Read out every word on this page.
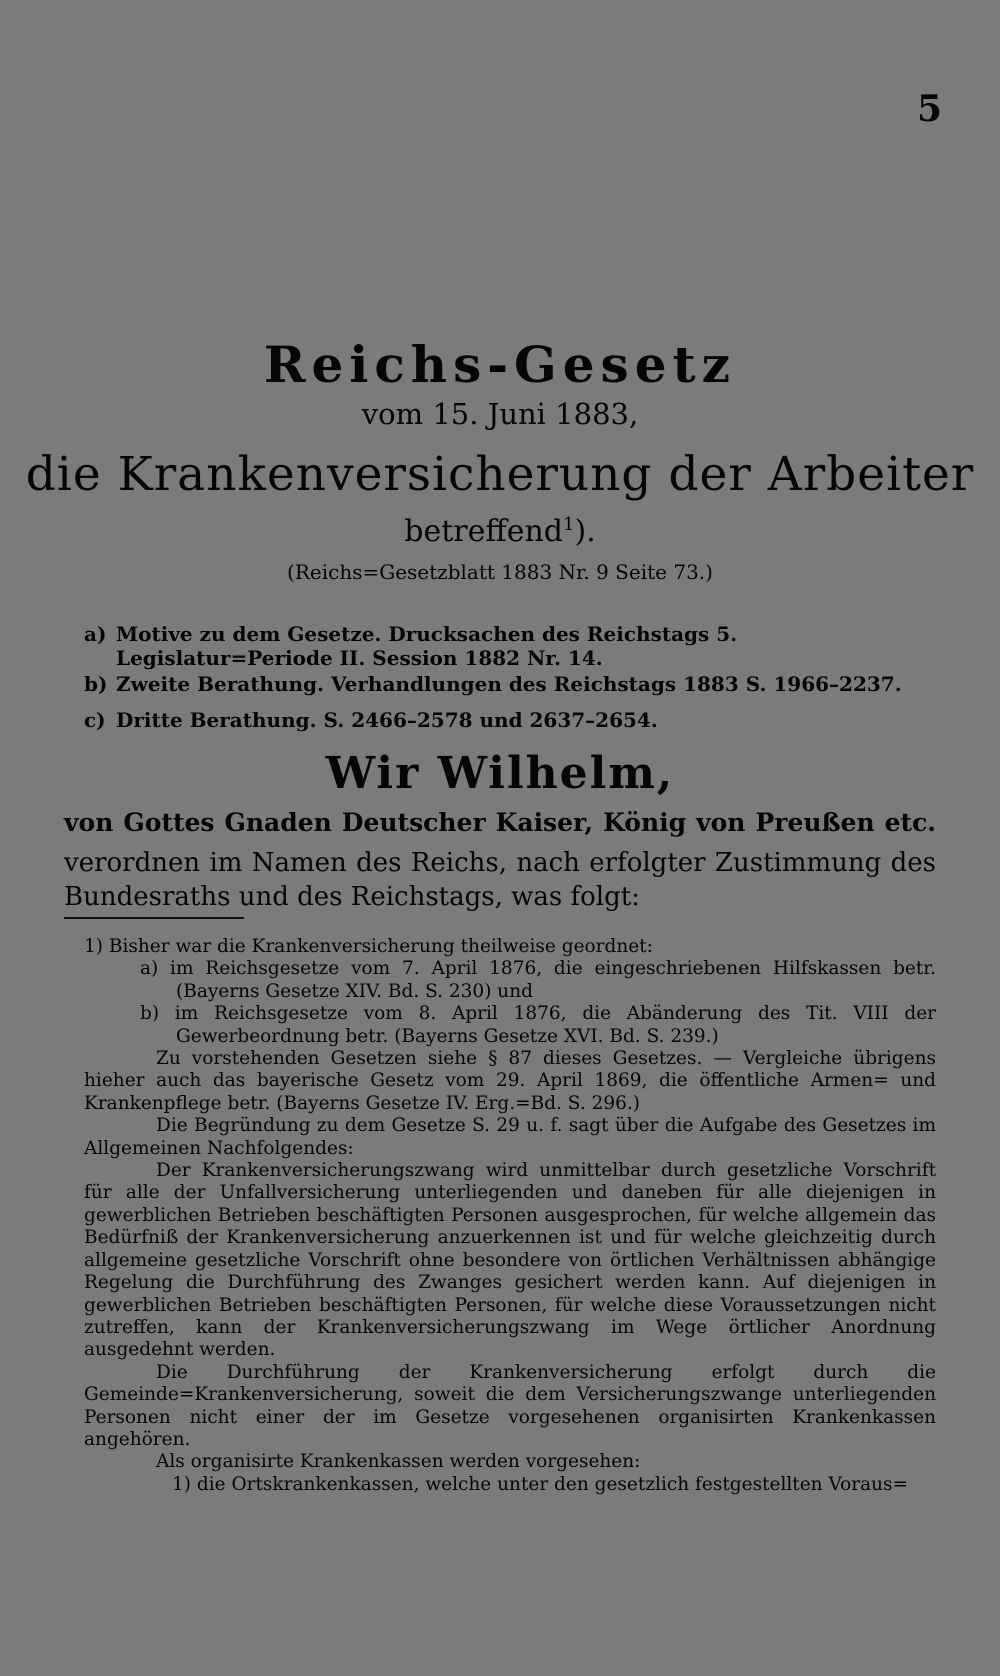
5
Reichs-Gesetz
vom 15. Juni 1883,
die Krankenversicherung der Arbeiter
betreffend$^1$).
(Reichs=Gesetzblatt 1883 Nr. 9 Seite 73.)

a) Motive zu dem Gesetze. Drucksachen des Reichstags 5. Legislatur=Periode II. Session 1882 Nr. 14.

b) Zweite Berathung. Verhandlungen des Reichstags 1883 S. 1966–2237.

c) Dritte Berathung. S. 2466–2578 und 2637–2654.

Wir Wilhelm,
von Gottes Gnaden Deutscher Kaiser, König von Preußen etc.
verordnen im Namen des Reichs, nach erfolgter Zustimmung des Bundesraths und des Reichstags, was folgt:

1) Bisher war die Krankenversicherung theilweise geordnet:

a) im Reichsgesetze vom 7. April 1876, die eingeschriebenen Hilfskassen betr. (Bayerns Gesetze XIV. Bd. S. 230) und

b) im Reichsgesetze vom 8. April 1876, die Abänderung des Tit. VIII der Gewerbeordnung betr. (Bayerns Gesetze XVI. Bd. S. 239.)

Zu vorstehenden Gesetzen siehe § 87 dieses Gesetzes. — Vergleiche übrigens hieher auch das bayerische Gesetz vom 29. April 1869, die öffentliche Armen= und Krankenpflege betr. (Bayerns Gesetze IV. Erg.=Bd. S. 296.)

Die Begründung zu dem Gesetze S. 29 u. f. sagt über die Aufgabe des Gesetzes im Allgemeinen Nachfolgendes:

Der Krankenversicherungszwang wird unmittelbar durch gesetzliche Vorschrift für alle der Unfallversicherung unterliegenden und daneben für alle diejenigen in gewerblichen Betrieben beschäftigten Personen ausgesprochen, für welche allgemein das Bedürfniß der Krankenversicherung anzuerkennen ist und für welche gleichzeitig durch allgemeine gesetzliche Vorschrift ohne besondere von örtlichen Verhältnissen abhängige Regelung die Durchführung des Zwanges gesichert werden kann. Auf diejenigen in gewerblichen Betrieben beschäftigten Personen, für welche diese Voraussetzungen nicht zutreffen, kann der Krankenversicherungszwang im Wege örtlicher Anordnung ausgedehnt werden.

Die Durchführung der Krankenversicherung erfolgt durch die Gemeinde=Krankenversicherung, soweit die dem Versicherungszwange unterliegenden Personen nicht einer der im Gesetze vorgesehenen organisirten Krankenkassen angehören.

Als organisirte Krankenkassen werden vorgesehen:

1) die Ortskrankenkassen, welche unter den gesetzlich festgestellten Voraus=
